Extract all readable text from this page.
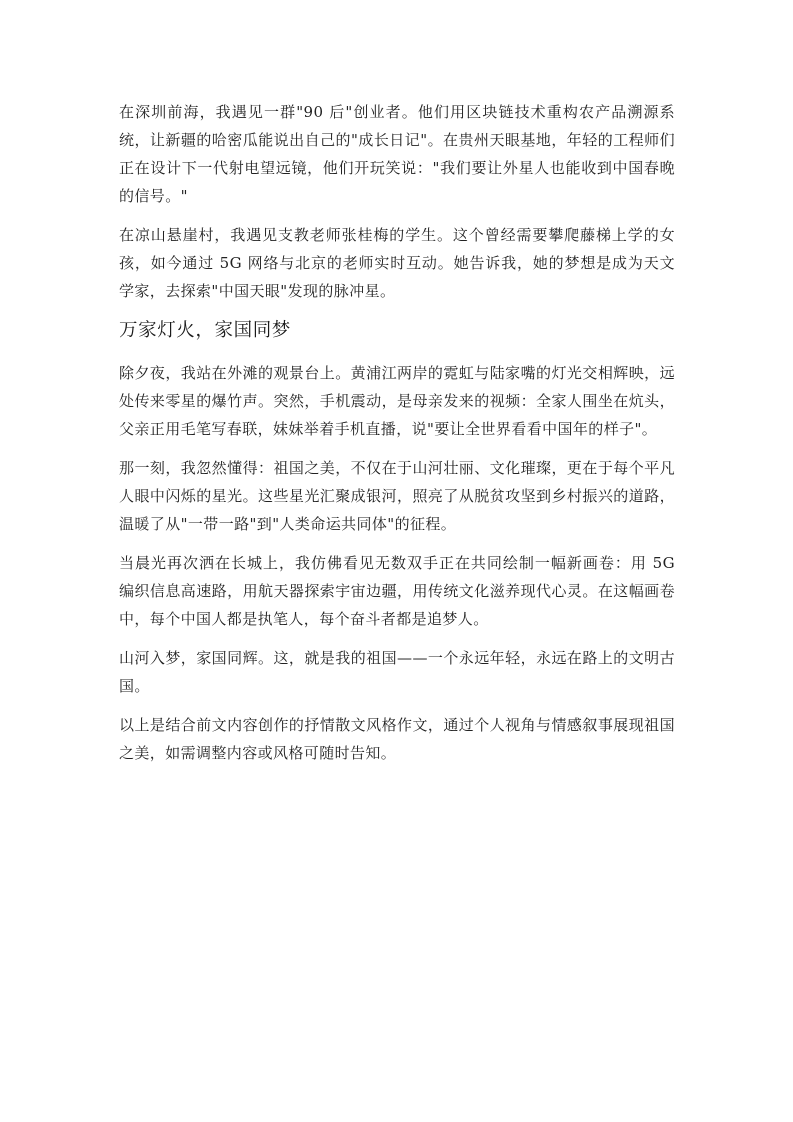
在深圳前海，我遇见一群"90 后"创业者。他们用区块链技术重构农产品溯源系统，让新疆的哈密瓜能说出自己的"成长日记"。在贵州天眼基地，年轻的工程师们正在设计下一代射电望远镜，他们开玩笑说："我们要让外星人也能收到中国春晚的信号。"

在凉山悬崖村，我遇见支教老师张桂梅的学生。这个曾经需要攀爬藤梯上学的女孩，如今通过 5G 网络与北京的老师实时互动。她告诉我，她的梦想是成为天文学家，去探索"中国天眼"发现的脉冲星。

万家灯火，家国同梦

除夕夜，我站在外滩的观景台上。黄浦江两岸的霓虹与陆家嘴的灯光交相辉映，远处传来零星的爆竹声。突然，手机震动，是母亲发来的视频：全家人围坐在炕头，父亲正用毛笔写春联，妹妹举着手机直播，说"要让全世界看看中国年的样子"。

那一刻，我忽然懂得：祖国之美，不仅在于山河壮丽、文化璀璨，更在于每个平凡人眼中闪烁的星光。这些星光汇聚成银河，照亮了从脱贫攻坚到乡村振兴的道路，温暖了从"一带一路"到"人类命运共同体"的征程。

当晨光再次洒在长城上，我仿佛看见无数双手正在共同绘制一幅新画卷：用 5G 编织信息高速路，用航天器探索宇宙边疆，用传统文化滋养现代心灵。在这幅画卷中，每个中国人都是执笔人，每个奋斗者都是追梦人。

山河入梦，家国同辉。这，就是我的祖国——一个永远年轻，永远在路上的文明古国。

以上是结合前文内容创作的抒情散文风格作文，通过个人视角与情感叙事展现祖国之美，如需调整内容或风格可随时告知。
